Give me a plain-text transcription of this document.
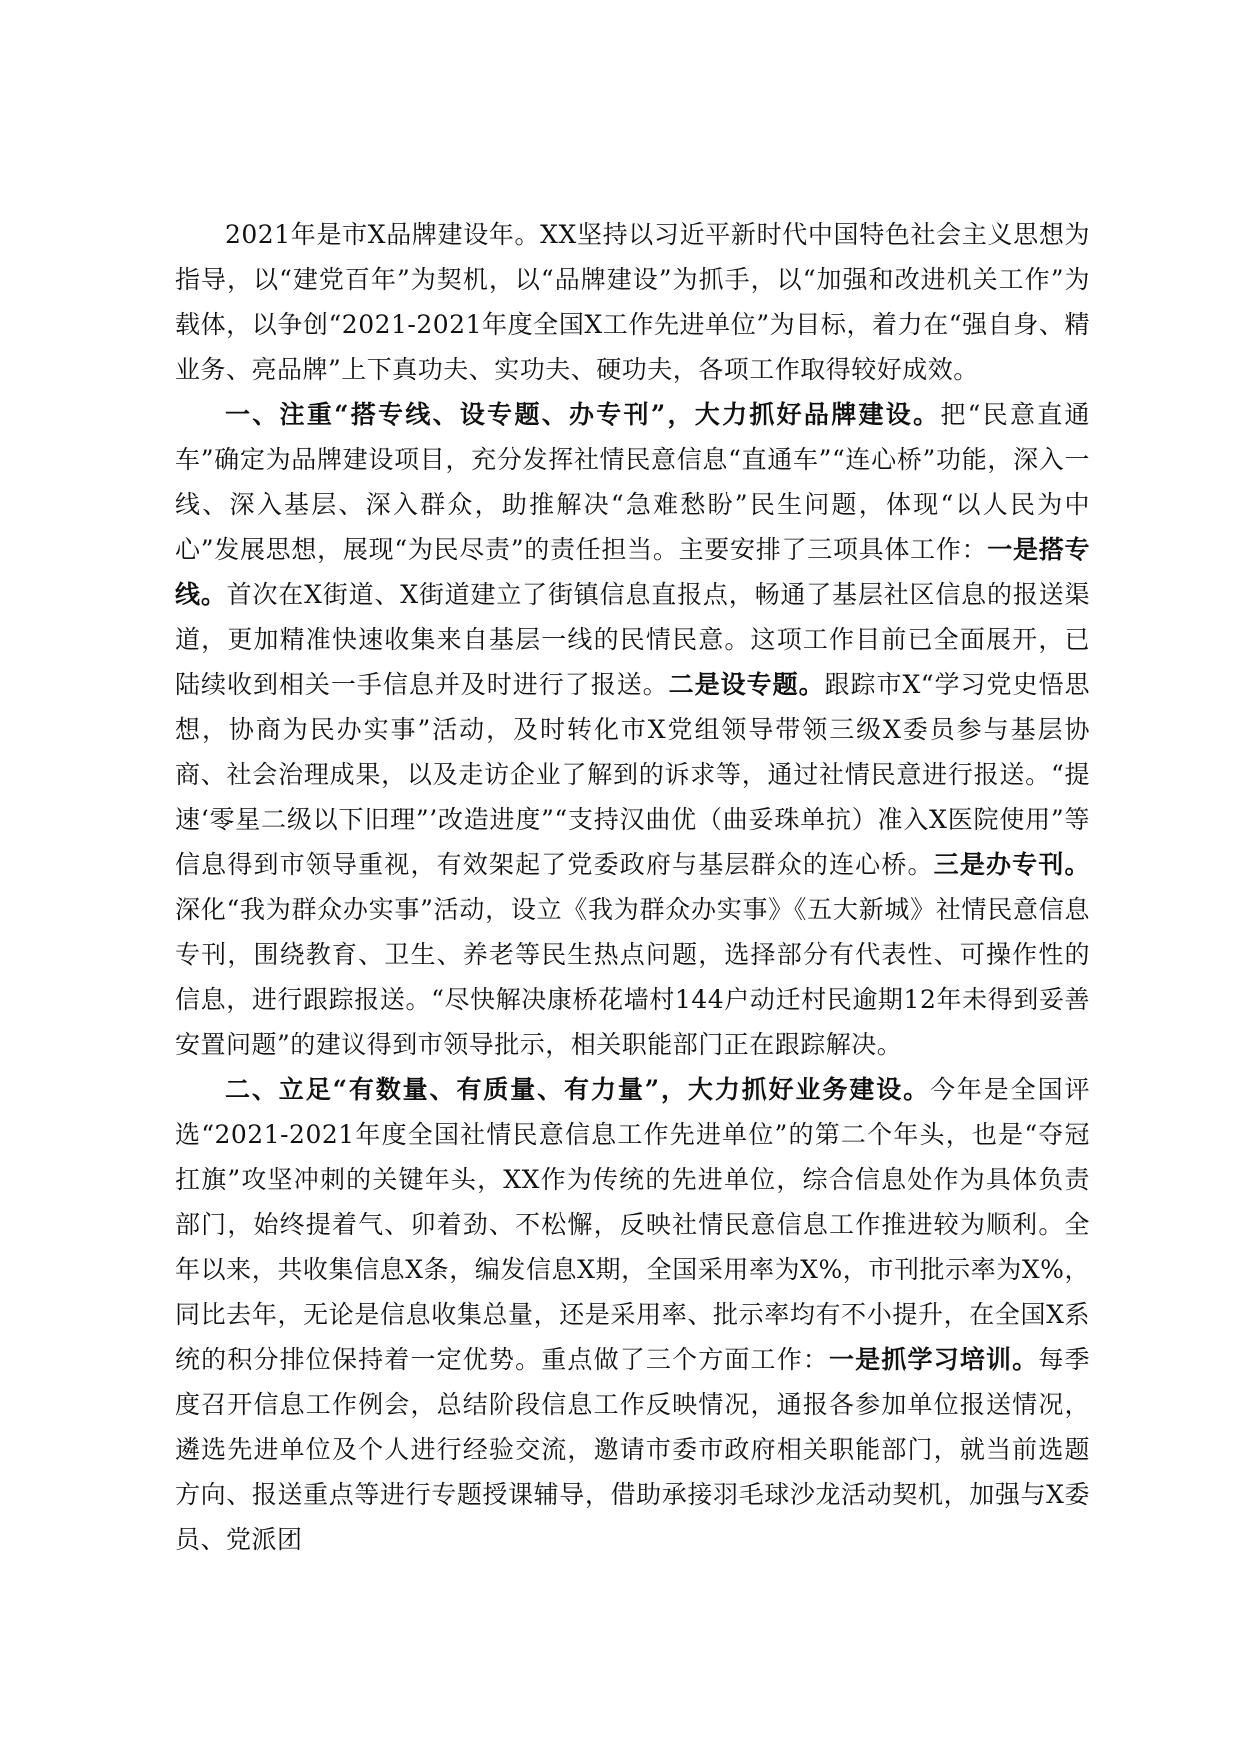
2021年是市X品牌建设年。XX坚持以习近平新时代中国特色社会主义思想为指导，以“建党百年”为契机，以“品牌建设”为抓手，以“加强和改进机关工作”为载体，以争创“2021-2021年度全国X工作先进单位”为目标，着力在“强自身、精业务、亮品牌”上下真功夫、实功夫、硬功夫，各项工作取得较好成效。

一、注重“搭专线、设专题、办专刊”，大力抓好品牌建设。把“民意直通车”确定为品牌建设项目，充分发挥社情民意信息“直通车”“连心桥”功能，深入一线、深入基层、深入群众，助推解决“急难愁盼”民生问题，体现“以人民为中心”发展思想，展现“为民尽责”的责任担当。主要安排了三项具体工作：一是搭专线。首次在X街道、X街道建立了街镇信息直报点，畅通了基层社区信息的报送渠道，更加精准快速收集来自基层一线的民情民意。这项工作目前已全面展开，已陆续收到相关一手信息并及时进行了报送。二是设专题。跟踪市X“学习党史悟思想，协商为民办实事”活动，及时转化市X党组领导带领三级X委员参与基层协商、社会治理成果，以及走访企业了解到的诉求等，通过社情民意进行报送。“提速‘零星二级以下旧理”’改造进度”“支持汉曲优（曲妥珠单抗）准入X医院使用”等信息得到市领导重视，有效架起了党委政府与基层群众的连心桥。三是办专刊。深化“我为群众办实事”活动，设立《我为群众办实事》《五大新城》社情民意信息专刊，围绕教育、卫生、养老等民生热点问题，选择部分有代表性、可操作性的信息，进行跟踪报送。“尽快解决康桥花墙村144户动迁村民逾期12年未得到妥善安置问题”的建议得到市领导批示，相关职能部门正在跟踪解决。

二、立足“有数量、有质量、有力量”，大力抓好业务建设。今年是全国评选“2021-2021年度全国社情民意信息工作先进单位”的第二个年头，也是“夺冠扛旗”攻坚冲刺的关键年头，XX作为传统的先进单位，综合信息处作为具体负责部门，始终提着气、卯着劲、不松懈，反映社情民意信息工作推进较为顺利。全年以来，共收集信息X条，编发信息X期，全国采用率为X%，市刊批示率为X%，同比去年，无论是信息收集总量，还是采用率、批示率均有不小提升，在全国X系统的积分排位保持着一定优势。重点做了三个方面工作：一是抓学习培训。每季度召开信息工作例会，总结阶段信息工作反映情况，通报各参加单位报送情况，遴选先进单位及个人进行经验交流，邀请市委市政府相关职能部门，就当前选题方向、报送重点等进行专题授课辅导，借助承接羽毛球沙龙活动契机，加强与X委员、党派团
